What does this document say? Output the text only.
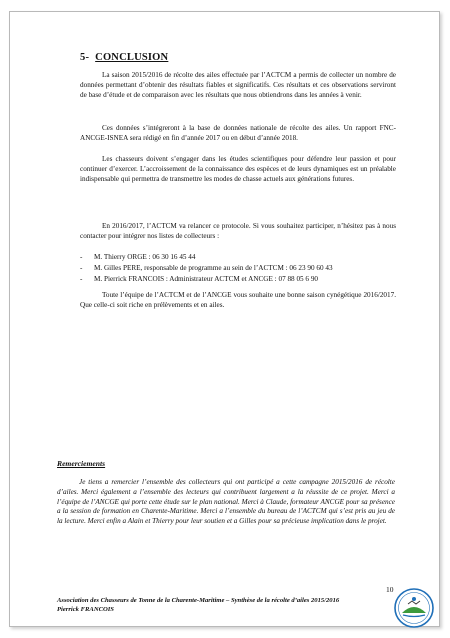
5- CONCLUSION

La saison 2015/2016 de récolte des ailes effectuée par l’ACTCM a permis de collecter un nombre de données permettant d’obtenir des résultats fiables et significatifs. Ces résultats et ces observations serviront de base d’étude et de comparaison avec les résultats que nous obtiendrons dans les années à venir.

Ces données s’intégreront à la base de données nationale de récolte des ailes. Un rapport FNC-ANCGE-ISNEA sera rédigé en fin d’année 2017 ou en début d’année 2018.

Les chasseurs doivent s’engager dans les études scientifiques pour défendre leur passion et pour continuer d’exercer. L’accroissement de la connaissance des espèces et de leurs dynamiques est un préalable indispensable qui permettra de transmettre les modes de chasse actuels aux générations futures.

En 2016/2017, l’ACTCM va relancer ce protocole. Si vous souhaitez participer, n’hésitez pas à nous contacter pour intégrer nos listes de collecteurs :

- M. Thierry ORGE : 06 30 16 45 44
- M. Gilles PERE, responsable de programme au sein de l’ACTCM : 06 23 90 60 43
- M. Pierrick FRANCOIS : Administrateur ACTCM et ANCGE : 07 88 05 6 90

Toute l’équipe de l’ACTCM et de l’ANCGE vous souhaite une bonne saison cynégétique 2016/2017. Que celle-ci soit riche en prélèvements et en ailes.

Remerciements

Je tiens a remercier l’ensemble des collecteurs qui ont participé a cette campagne 2015/2016 de récolte d’ailes. Merci également a l’ensemble des lecteurs qui contribuent largement a la réussite de ce projet. Merci a l’équipe de l’ANCGE qui porte cette étude sur le plan national. Merci à Claude, formateur ANCGE pour sa présence a la session de formation en Charente-Maritime. Merci a l’ensemble du bureau de l’ACTCM qui s’est pris au jeu de la lecture. Merci enfin a Alain et Thierry pour leur soutien et a Gilles pour sa précieuse implication dans le projet.

10
Association des Chasseurs de Tonne de la Charente-Maritime – Synthèse de la récolte d’ailes 2015/2016
Pierrick FRANCOIS
